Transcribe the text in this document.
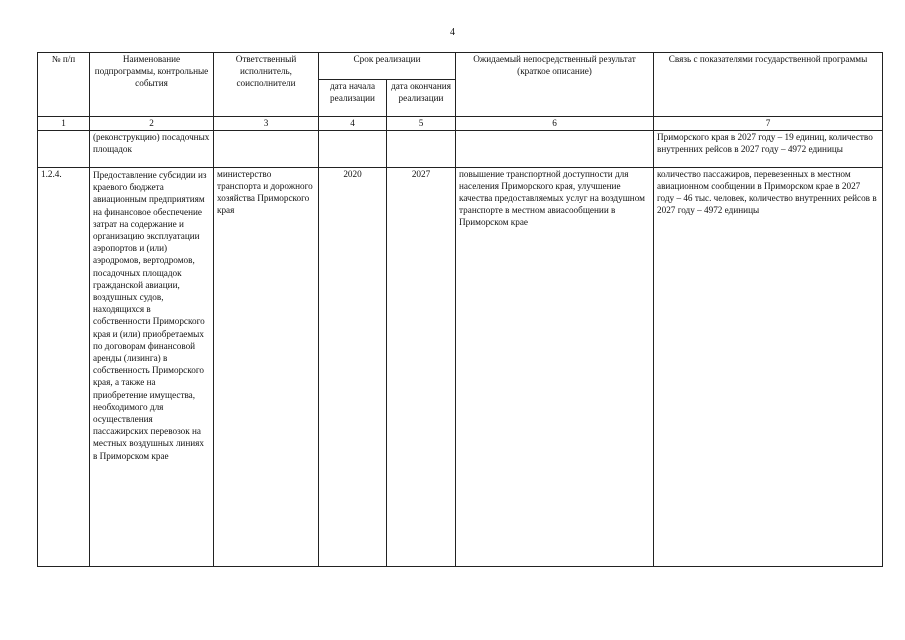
4
№ п/п	Наименование подпрограммы, контрольные события	Ответственный исполнитель, соисполнители	Срок реализации		Ожидаемый непосредственный результат (краткое описание)	Связь с показателями государственной программы
			дата начала реализации	дата окончания реализации		
1	2	3	4	5	6	7
	(реконструкцию) посадочных площадок					Приморского края в 2027 году – 19 единиц, количество внутренних рейсов в 2027 году – 4972 единицы
1.2.4.	Предоставление субсидии из краевого бюджета авиационным предприятиям на финансовое обеспечение затрат на содержание и организацию эксплуатации аэропортов и (или) аэродромов, вертодромов, посадочных площадок гражданской авиации, воздушных судов, находящихся в собственности Приморского края и (или) приобретаемых по договорам финансовой аренды (лизинга) в собственность Приморского края, а также на приобретение имущества, необходимого для осуществления пассажирских перевозок на местных воздушных линиях в Приморском крае	министерство транспорта и дорожного хозяйства Приморского края	2020	2027	повышение транспортной доступности для населения Приморского края, улучшение качества предоставляемых услуг на воздушном транспорте в местном авиасообщении в Приморском крае	количество пассажиров, перевезенных в местном авиационном сообщении в Приморском крае в 2027 году – 46 тыс. человек, количество внутренних рейсов в 2027 году – 4972 единицы
